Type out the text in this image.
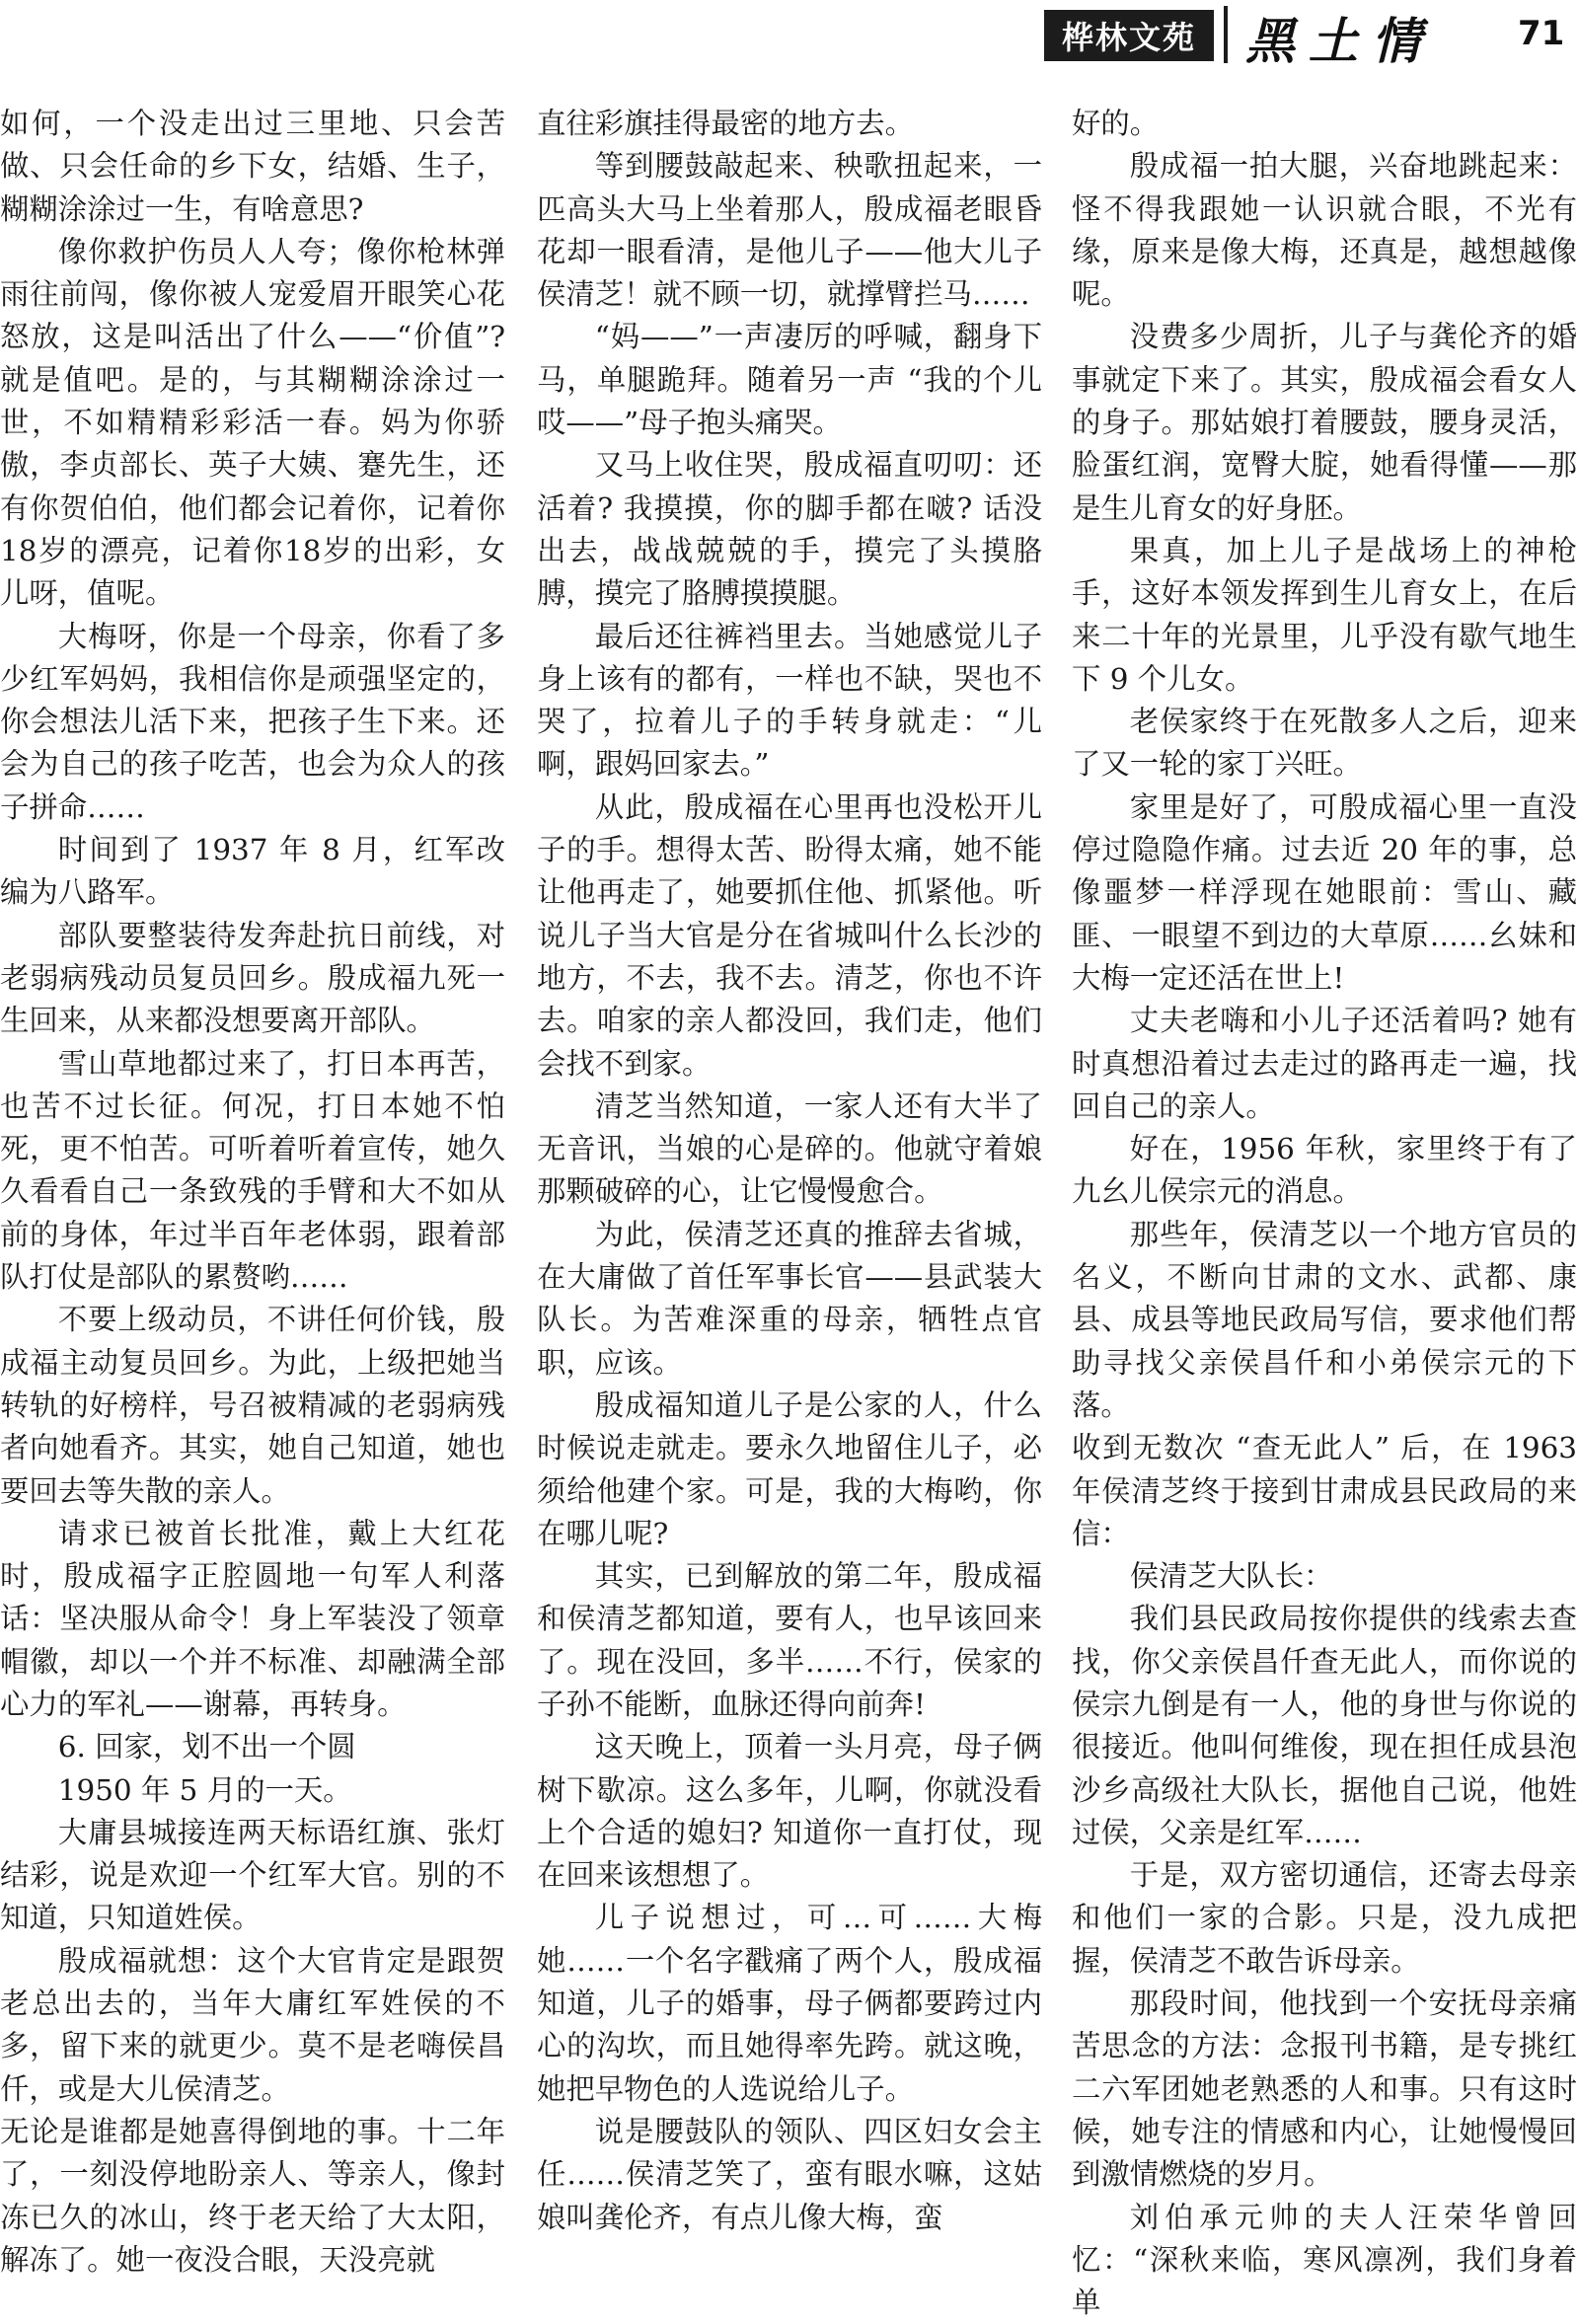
桦林文苑	黑土情 71

如何，一个没走出过三里地、只会苦做、只会任命的乡下女，结婚、生子，糊糊涂涂过一生，有啥意思?

像你救护伤员人人夸；像你枪林弹雨往前闯，像你被人宠爱眉开眼笑心花怒放，这是叫活出了什么——“价值”?就是值吧。是的，与其糊糊涂涂过一世，不如精精彩彩活一春。妈为你骄傲，李贞部长、英子大姨、蹇先生，还有你贺伯伯，他们都会记着你，记着你18岁的漂亮，记着你18岁的出彩，女儿呀，值呢。

大梅呀，你是一个母亲，你看了多少红军妈妈，我相信你是顽强坚定的，你会想法儿活下来，把孩子生下来。还会为自己的孩子吃苦，也会为众人的孩子拼命……

时间到了 1937 年 8 月，红军改编为八路军。

部队要整装待发奔赴抗日前线，对老弱病残动员复员回乡。殷成福九死一生回来，从来都没想要离开部队。

雪山草地都过来了，打日本再苦，也苦不过长征。何况，打日本她不怕死，更不怕苦。可听着听着宣传，她久久看看自己一条致残的手臂和大不如从前的身体，年过半百年老体弱，跟着部队打仗是部队的累赘哟……

不要上级动员，不讲任何价钱，殷成福主动复员回乡。为此，上级把她当转轨的好榜样，号召被精减的老弱病残者向她看齐。其实，她自己知道，她也要回去等失散的亲人。

请求已被首长批准，戴上大红花时，殷成福字正腔圆地一句军人利落话：坚决服从命令！身上军装没了领章帽徽，却以一个并不标准、却融满全部心力的军礼——谢幕，再转身。

6. 回家，划不出一个圆

1950 年 5 月的一天。

大庸县城接连两天标语红旗、张灯结彩，说是欢迎一个红军大官。别的不知道，只知道姓侯。

殷成福就想：这个大官肯定是跟贺老总出去的，当年大庸红军姓侯的不多，留下来的就更少。莫不是老嗨侯昌仟，或是大儿侯清芝。

无论是谁都是她喜得倒地的事。十二年了，一刻没停地盼亲人、等亲人，像封冻已久的冰山，终于老天给了大太阳，解冻了。她一夜没合眼，天没亮就

直往彩旗挂得最密的地方去。

等到腰鼓敲起来、秧歌扭起来，一匹高头大马上坐着那人，殷成福老眼昏花却一眼看清，是他儿子——他大儿子侯清芝！就不顾一切，就撑臂拦马……

“妈——”一声凄厉的呼喊，翻身下马，单腿跪拜。随着另一声 “我的个儿哎——”母子抱头痛哭。

又马上收住哭，殷成福直叨叨：还活着? 我摸摸，你的脚手都在啵? 话没出去，战战兢兢的手，摸完了头摸胳膊，摸完了胳膊摸摸腿。

最后还往裤裆里去。当她感觉儿子身上该有的都有，一样也不缺，哭也不哭了，拉着儿子的手转身就走：“儿啊，跟妈回家去。”

从此，殷成福在心里再也没松开儿子的手。想得太苦、盼得太痛，她不能让他再走了，她要抓住他、抓紧他。听说儿子当大官是分在省城叫什么长沙的地方，不去，我不去。清芝，你也不许去。咱家的亲人都没回，我们走，他们会找不到家。

清芝当然知道，一家人还有大半了无音讯，当娘的心是碎的。他就守着娘那颗破碎的心，让它慢慢愈合。

为此，侯清芝还真的推辞去省城，在大庸做了首任军事长官——县武装大队长。为苦难深重的母亲，牺牲点官职，应该。

殷成福知道儿子是公家的人，什么时候说走就走。要永久地留住儿子，必须给他建个家。可是，我的大梅哟，你在哪儿呢?

其实，已到解放的第二年，殷成福和侯清芝都知道，要有人，也早该回来了。现在没回，多半……不行，侯家的子孙不能断，血脉还得向前奔!

这天晚上，顶着一头月亮，母子俩树下歇凉。这么多年，儿啊，你就没看上个合适的媳妇? 知道你一直打仗，现在回来该想想了。

儿子说想过，可…可……大梅她……一个名字戳痛了两个人，殷成福知道，儿子的婚事，母子俩都要跨过内心的沟坎，而且她得率先跨。就这晚，她把早物色的人选说给儿子。

说是腰鼓队的领队、四区妇女会主任……侯清芝笑了，蛮有眼水嘛，这姑娘叫龚伦齐，有点儿像大梅，蛮

好的。

殷成福一拍大腿，兴奋地跳起来：怪不得我跟她一认识就合眼，不光有缘，原来是像大梅，还真是，越想越像呢。

没费多少周折，儿子与龚伦齐的婚事就定下来了。其实，殷成福会看女人的身子。那姑娘打着腰鼓，腰身灵活，脸蛋红润，宽臀大腚，她看得懂——那是生儿育女的好身胚。

果真，加上儿子是战场上的神枪手，这好本领发挥到生儿育女上，在后来二十年的光景里，儿乎没有歇气地生下 9 个儿女。

老侯家终于在死散多人之后，迎来了又一轮的家丁兴旺。

家里是好了，可殷成福心里一直没停过隐隐作痛。过去近 20 年的事，总像噩梦一样浮现在她眼前：雪山、藏匪、一眼望不到边的大草原……幺妹和大梅一定还活在世上!

丈夫老嗨和小儿子还活着吗? 她有时真想沿着过去走过的路再走一遍，找回自己的亲人。

好在，1956 年秋，家里终于有了九幺儿侯宗元的消息。

那些年，侯清芝以一个地方官员的名义，不断向甘肃的文水、武都、康县、成县等地民政局写信，要求他们帮助寻找父亲侯昌仟和小弟侯宗元的下落。

收到无数次 “查无此人” 后，在 1963 年侯清芝终于接到甘肃成县民政局的来信：

侯清芝大队长：

我们县民政局按你提供的线索去查找，你父亲侯昌仟查无此人，而你说的侯宗九倒是有一人，他的身世与你说的很接近。他叫何维俊，现在担任成县泡沙乡高级社大队长，据他自己说，他姓过侯，父亲是红军……

于是，双方密切通信，还寄去母亲和他们一家的合影。只是，没九成把握，侯清芝不敢告诉母亲。

那段时间，他找到一个安抚母亲痛苦思念的方法：念报刊书籍，是专挑红二六军团她老熟悉的人和事。只有这时候，她专注的情感和内心，让她慢慢回到激情燃烧的岁月。

刘伯承元帅的夫人汪荣华曾回忆：“深秋来临，寒风凛冽，我们身着单
